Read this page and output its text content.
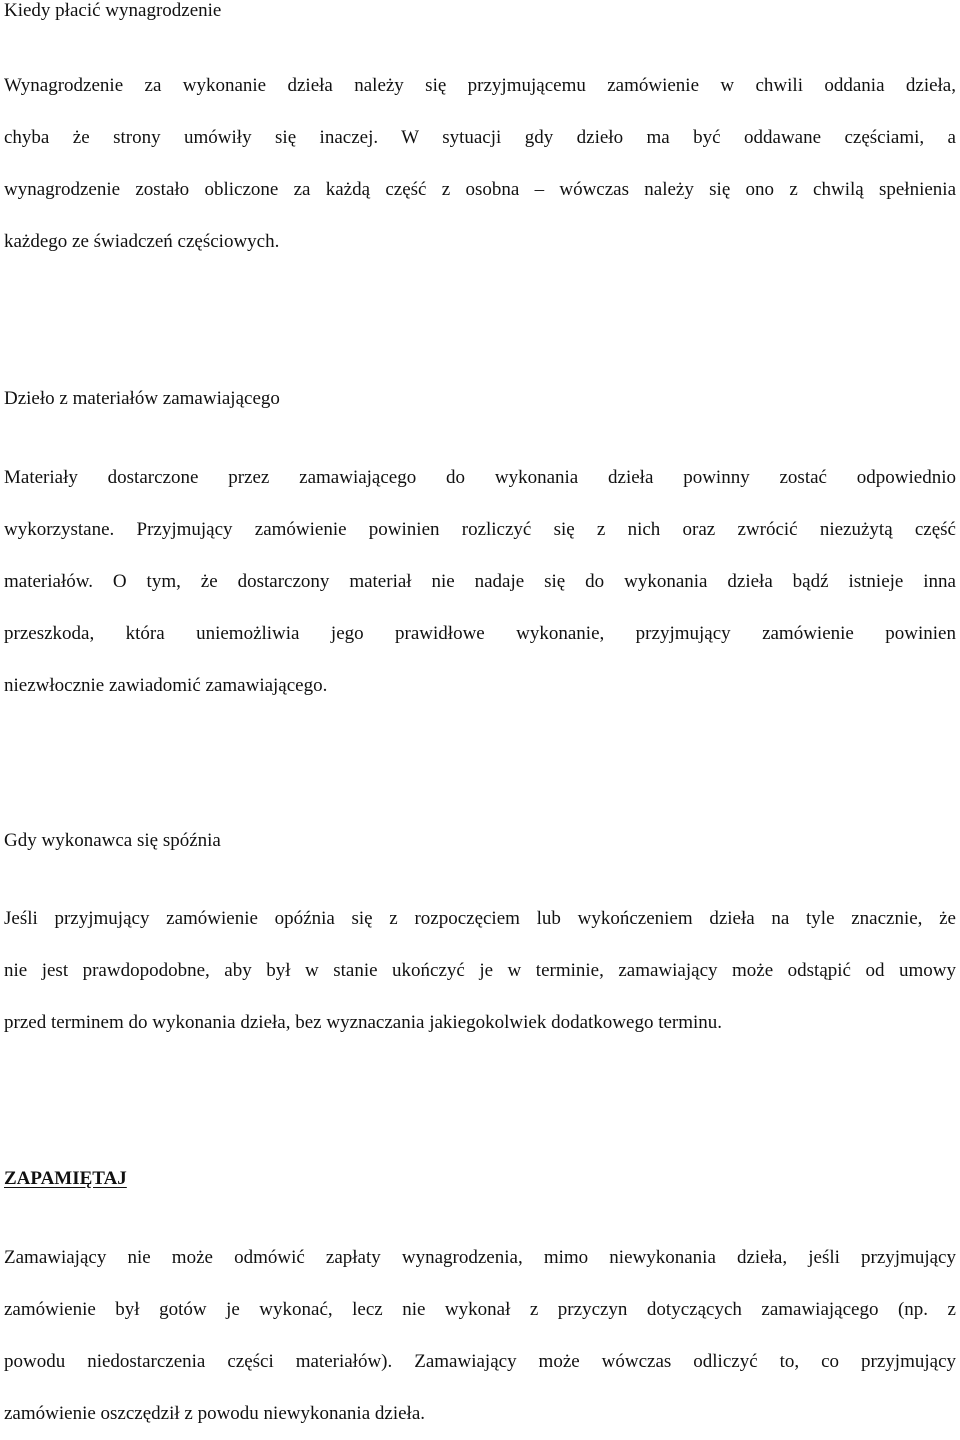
Kiedy płacić wynagrodzenie
Wynagrodzenie za wykonanie dzieła należy się przyjmującemu zamówienie w chwili oddania dzieła,
chyba że strony umówiły się inaczej. W sytuacji gdy dzieło ma być oddawane częściami, a
wynagrodzenie zostało obliczone za każdą część z osobna – wówczas należy się ono z chwilą spełnienia
każdego ze świadczeń częściowych.
Dzieło z materiałów zamawiającego
Materiały dostarczone przez zamawiającego do wykonania dzieła powinny zostać odpowiednio
wykorzystane. Przyjmujący zamówienie powinien rozliczyć się z nich oraz zwrócić niezużytą część
materiałów. O tym, że dostarczony materiał nie nadaje się do wykonania dzieła bądź istnieje inna
przeszkoda, która uniemożliwia jego prawidłowe wykonanie, przyjmujący zamówienie powinien
niezwłocznie zawiadomić zamawiającego.
Gdy wykonawca się spóźnia
Jeśli przyjmujący zamówienie opóźnia się z rozpoczęciem lub wykończeniem dzieła na tyle znacznie, że
nie jest prawdopodobne, aby był w stanie ukończyć je w terminie, zamawiający może odstąpić od umowy
przed terminem do wykonania dzieła, bez wyznaczania jakiegokolwiek dodatkowego terminu.
ZAPAMIĘTAJ
Zamawiający nie może odmówić zapłaty wynagrodzenia, mimo niewykonania dzieła, jeśli przyjmujący
zamówienie był gotów je wykonać, lecz nie wykonał z przyczyn dotyczących zamawiającego (np. z
powodu niedostarczenia części materiałów). Zamawiający może wówczas odliczyć to, co przyjmujący
zamówienie oszczędził z powodu niewykonania dzieła.
